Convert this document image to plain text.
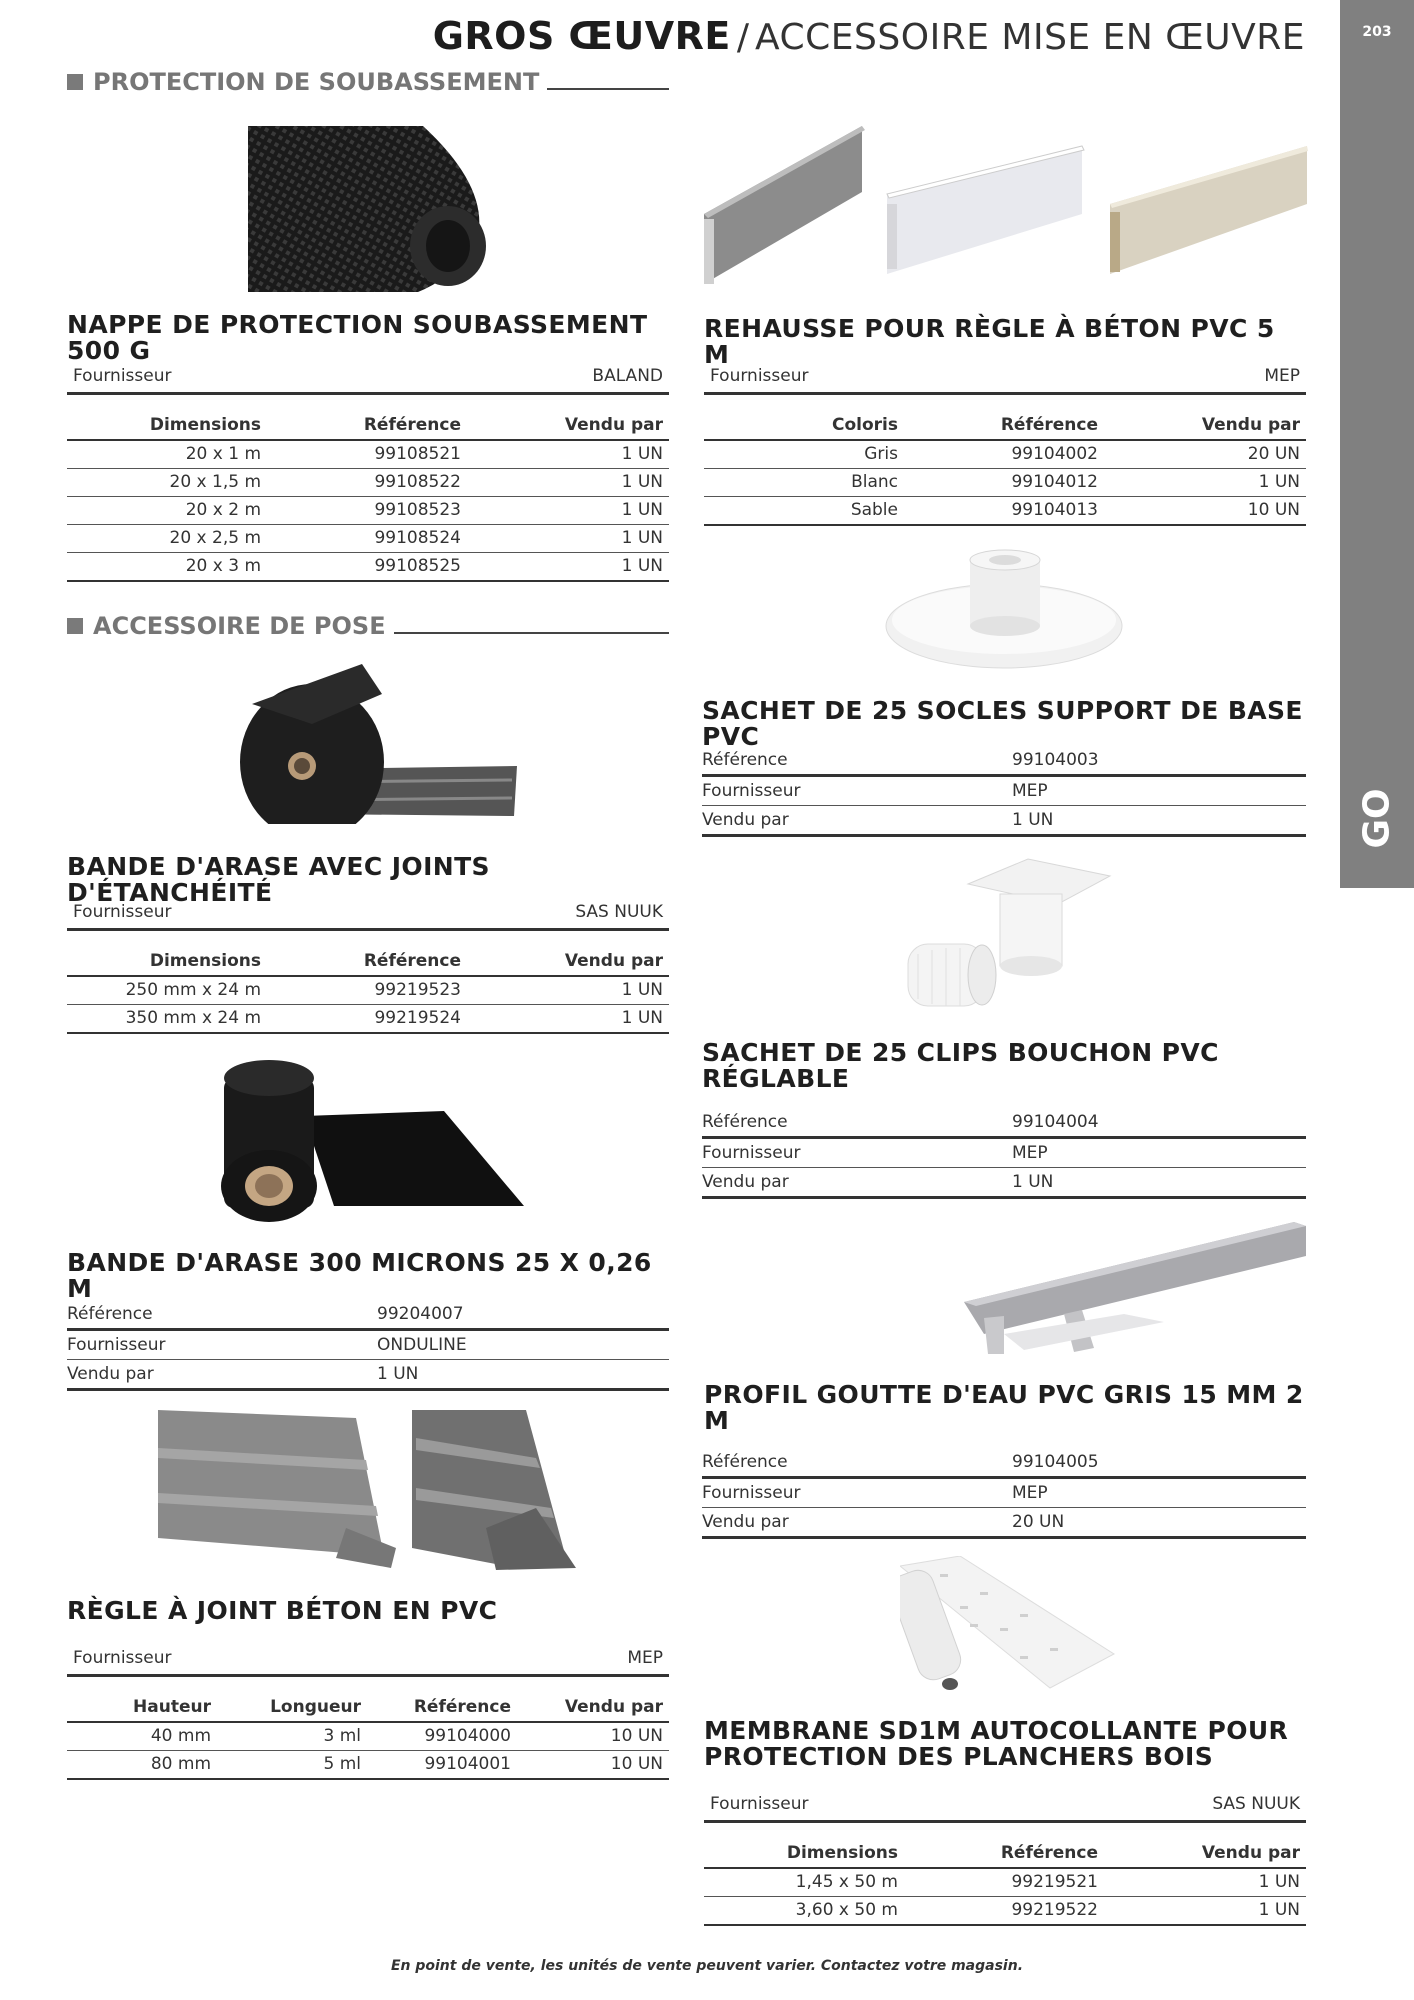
GROS ŒUVRE / ACCESSOIRE MISE EN ŒUVRE	203
GO
PROTECTION DE SOUBASSEMENT
NAPPE DE PROTECTION SOUBASSEMENT 500 G
Fournisseur	BALAND
Dimensions	Référence	Vendu par
20 x 1 m	99108521	1 UN
20 x 1,5 m	99108522	1 UN
20 x 2 m	99108523	1 UN
20 x 2,5 m	99108524	1 UN
20 x 3 m	99108525	1 UN
ACCESSOIRE DE POSE
BANDE D'ARASE AVEC JOINTS D'ÉTANCHÉITÉ
Fournisseur	SAS NUUK
Dimensions	Référence	Vendu par
250 mm x 24 m	99219523	1 UN
350 mm x 24 m	99219524	1 UN
BANDE D'ARASE 300 MICRONS 25 X 0,26 M
Référence	99204007
Fournisseur	ONDULINE
Vendu par	1 UN
RÈGLE À JOINT BÉTON EN PVC
Fournisseur	MEP
Hauteur	Longueur	Référence	Vendu par
40 mm	3 ml	99104000	10 UN
80 mm	5 ml	99104001	10 UN
REHAUSSE POUR RÈGLE À BÉTON PVC 5 M
Fournisseur	MEP
Coloris	Référence	Vendu par
Gris	99104002	20 UN
Blanc	99104012	1 UN
Sable	99104013	10 UN
SACHET DE 25 SOCLES SUPPORT DE BASE PVC
Référence	99104003
Fournisseur	MEP
Vendu par	1 UN
SACHET DE 25 CLIPS BOUCHON PVC
RÉGLABLE
Référence	99104004
Fournisseur	MEP
Vendu par	1 UN
PROFIL GOUTTE D'EAU PVC GRIS 15 MM 2 M
Référence	99104005
Fournisseur	MEP
Vendu par	20 UN
MEMBRANE SD1M AUTOCOLLANTE POUR
PROTECTION DES PLANCHERS BOIS
Fournisseur	SAS NUUK
Dimensions	Référence	Vendu par
1,45 x 50 m	99219521	1 UN
3,60 x 50 m	99219522	1 UN
En point de vente, les unités de vente peuvent varier. Contactez votre magasin.
